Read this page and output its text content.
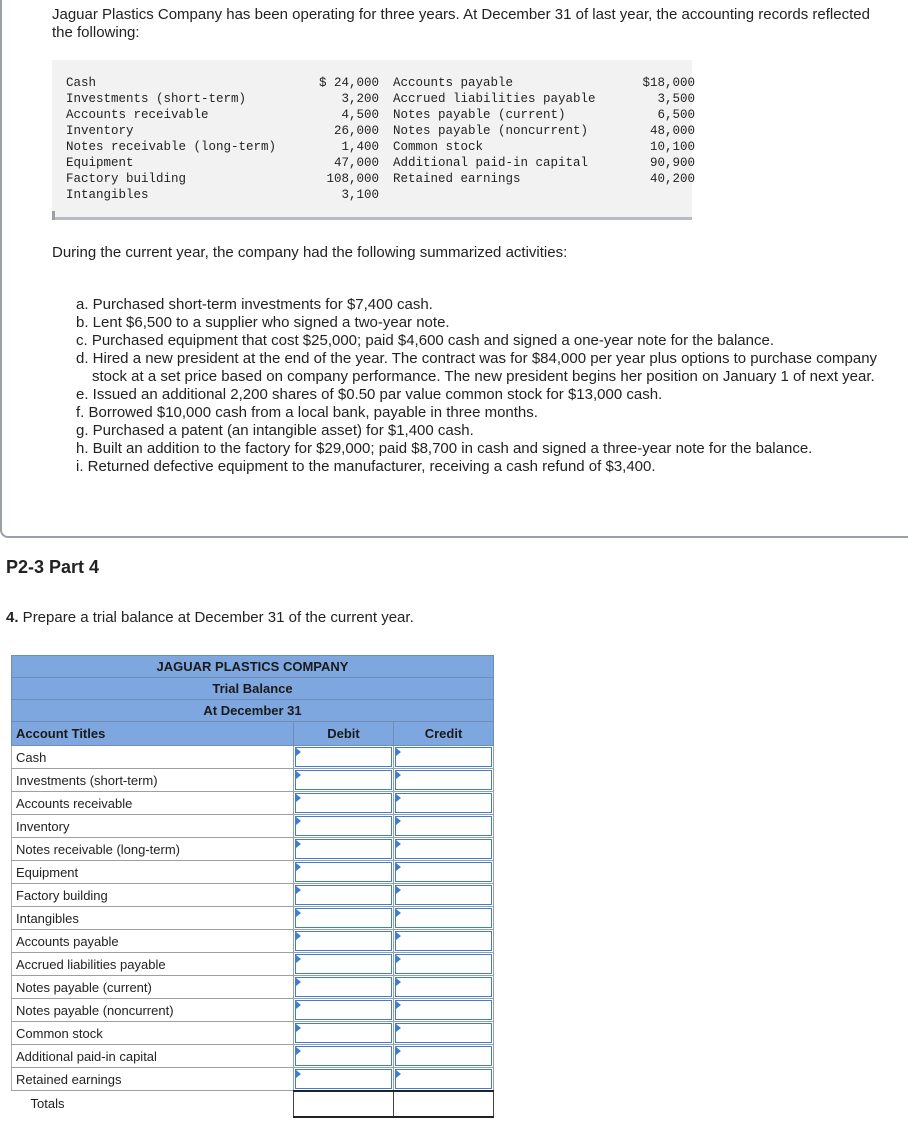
Jaguar Plastics Company has been operating for three years. At December 31 of last year, the accounting records reflected the following:

Cash	$ 24,000	Accounts payable	$18,000
Investments (short-term)	3,200	Accrued liabilities payable	3,500
Accounts receivable	4,500	Notes payable (current)	6,500
Inventory	26,000	Notes payable (noncurrent)	48,000
Notes receivable (long-term)	1,400	Common stock	10,100
Equipment	47,000	Additional paid-in capital	90,900
Factory building	108,000	Retained earnings	40,200
Intangibles	3,100

During the current year, the company had the following summarized activities:

a. Purchased short-term investments for $7,400 cash.
b. Lent $6,500 to a supplier who signed a two-year note.
c. Purchased equipment that cost $25,000; paid $4,600 cash and signed a one-year note for the balance.
d. Hired a new president at the end of the year. The contract was for $84,000 per year plus options to purchase company stock at a set price based on company performance. The new president begins her position on January 1 of next year.
e. Issued an additional 2,200 shares of $0.50 par value common stock for $13,000 cash.
f. Borrowed $10,000 cash from a local bank, payable in three months.
g. Purchased a patent (an intangible asset) for $1,400 cash.
h. Built an addition to the factory for $29,000; paid $8,700 in cash and signed a three-year note for the balance.
i. Returned defective equipment to the manufacturer, receiving a cash refund of $3,400.
P2-3 Part 4

4. Prepare a trial balance at December 31 of the current year.

JAGUAR PLASTICS COMPANY		
Trial Balance		
At December 31		
Account Titles	Debit	Credit
Cash	

Investments (short-term)	

Accounts receivable	

Inventory	

Notes receivable (long-term)	

Equipment	

Factory building	

Intangibles	

Accounts payable	

Accrued liabilities payable	

Notes payable (current)	

Notes payable (noncurrent)	

Common stock	

Additional paid-in capital	

Retained earnings	

Totals	
